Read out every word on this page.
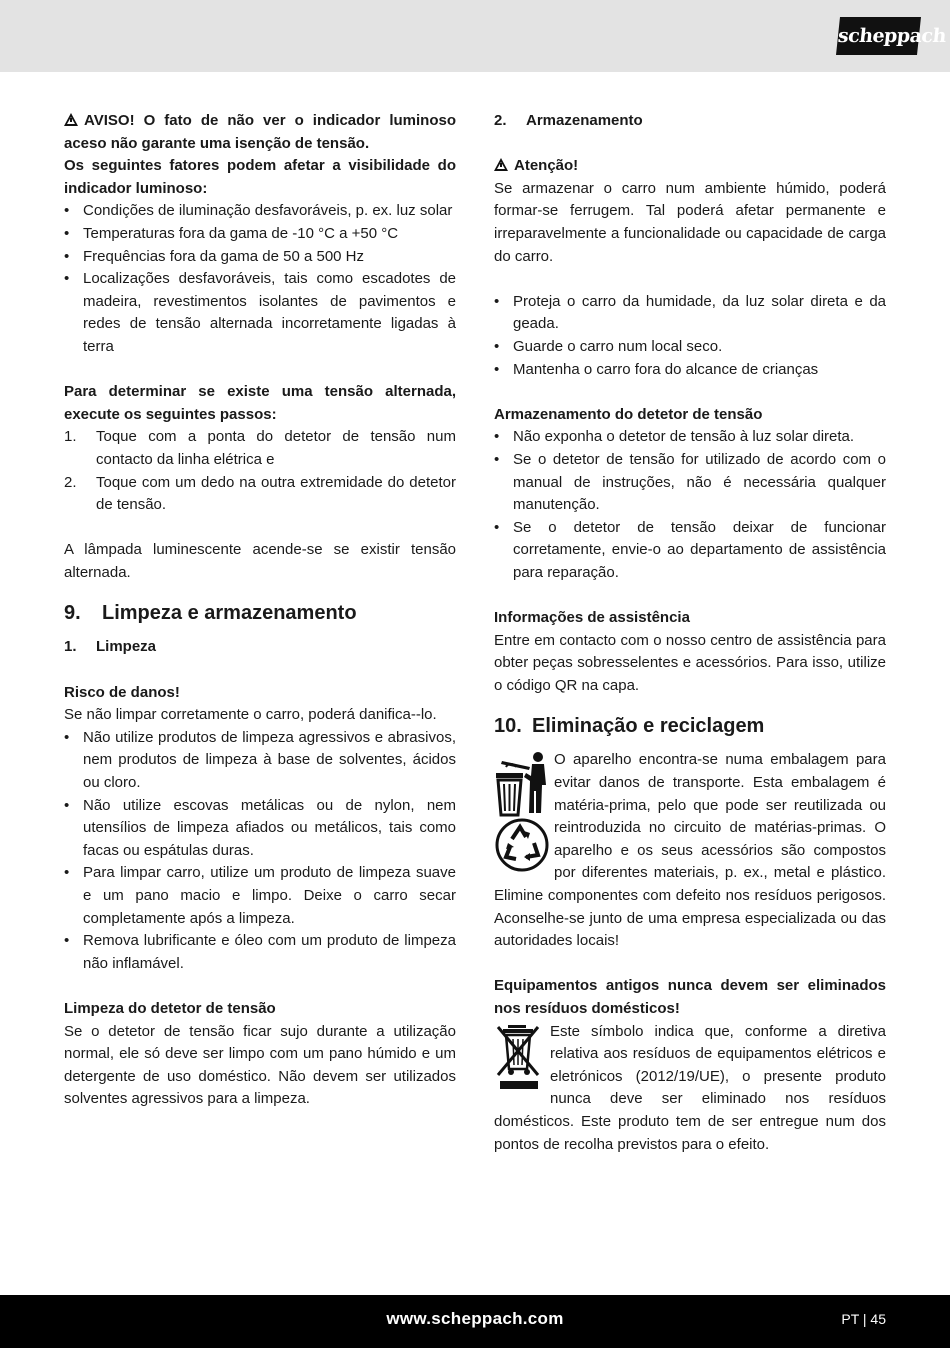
scheppach

AVISO! O fato de não ver o indicador luminoso aceso não garante uma isenção de tensão.

Os seguintes fatores podem afetar a visibilidade do indicador luminoso:

• Condições de iluminação desfavoráveis, p. ex. luz solar
• Temperaturas fora da gama de -10 °C a +50 °C
• Frequências fora da gama de 50 a 500 Hz
• Localizações desfavoráveis, tais como escadotes de madeira, revestimentos isolantes de pavimentos e redes de tensão alternada incorretamente ligadas à terra

Para determinar se existe uma tensão alternada, execute os seguintes passos:

1. Toque com a ponta do detetor de tensão num contacto da linha elétrica e
2. Toque com um dedo na outra extremidade do detetor de tensão.

A lâmpada luminescente acende-se se existir tensão alternada.

9. Limpeza e armazenamento

1. Limpeza

Risco de danos!

Se não limpar corretamente o carro, poderá danifica--lo.

• Não utilize produtos de limpeza agressivos e abrasivos, nem produtos de limpeza à base de solventes, ácidos ou cloro.
• Não utilize escovas metálicas ou de nylon, nem utensílios de limpeza afiados ou metálicos, tais como facas ou espátulas duras.
• Para limpar carro, utilize um produto de limpeza suave e um pano macio e limpo. Deixe o carro secar completamente após a limpeza.
• Remova lubrificante e óleo com um produto de limpeza não inflamável.

Limpeza do detetor de tensão

Se o detetor de tensão ficar sujo durante a utilização normal, ele só deve ser limpo com um pano húmido e um detergente de uso doméstico. Não devem ser utilizados solventes agressivos para a limpeza.

2. Armazenamento

Atenção!

Se armazenar o carro num ambiente húmido, poderá formar-se ferrugem. Tal poderá afetar permanente e irreparavelmente a funcionalidade ou capacidade de carga do carro.

• Proteja o carro da humidade, da luz solar direta e da geada.
• Guarde o carro num local seco.
• Mantenha o carro fora do alcance de crianças

Armazenamento do detetor de tensão

• Não exponha o detetor de tensão à luz solar direta.
• Se o detetor de tensão for utilizado de acordo com o manual de instruções, não é necessária qualquer manutenção.
• Se o detetor de tensão deixar de funcionar corretamente, envie-o ao departamento de assistência para reparação.

Informações de assistência

Entre em contacto com o nosso centro de assistência para obter peças sobresselentes e acessórios. Para isso, utilize o código QR na capa.

10. Eliminação e reciclagem

O aparelho encontra-se numa embalagem para evitar danos de transporte. Esta embalagem é matéria-prima, pelo que pode ser reutilizada ou reintroduzida no circuito de matérias-primas. O aparelho e os seus acessórios são compostos por diferentes materiais, p. ex., metal e plástico. Elimine componentes com defeito nos resíduos perigosos. Aconselhe-se junto de uma empresa especializada ou das autoridades locais!

Equipamentos antigos nunca devem ser eliminados nos resíduos domésticos!

Este símbolo indica que, conforme a diretiva relativa aos resíduos de equipamentos elétricos e eletrónicos (2012/19/UE), o presente produto nunca deve ser eliminado nos resíduos domésticos. Este produto tem de ser entregue num dos pontos de recolha previstos para o efeito.

www.scheppach.com	PT | 45
